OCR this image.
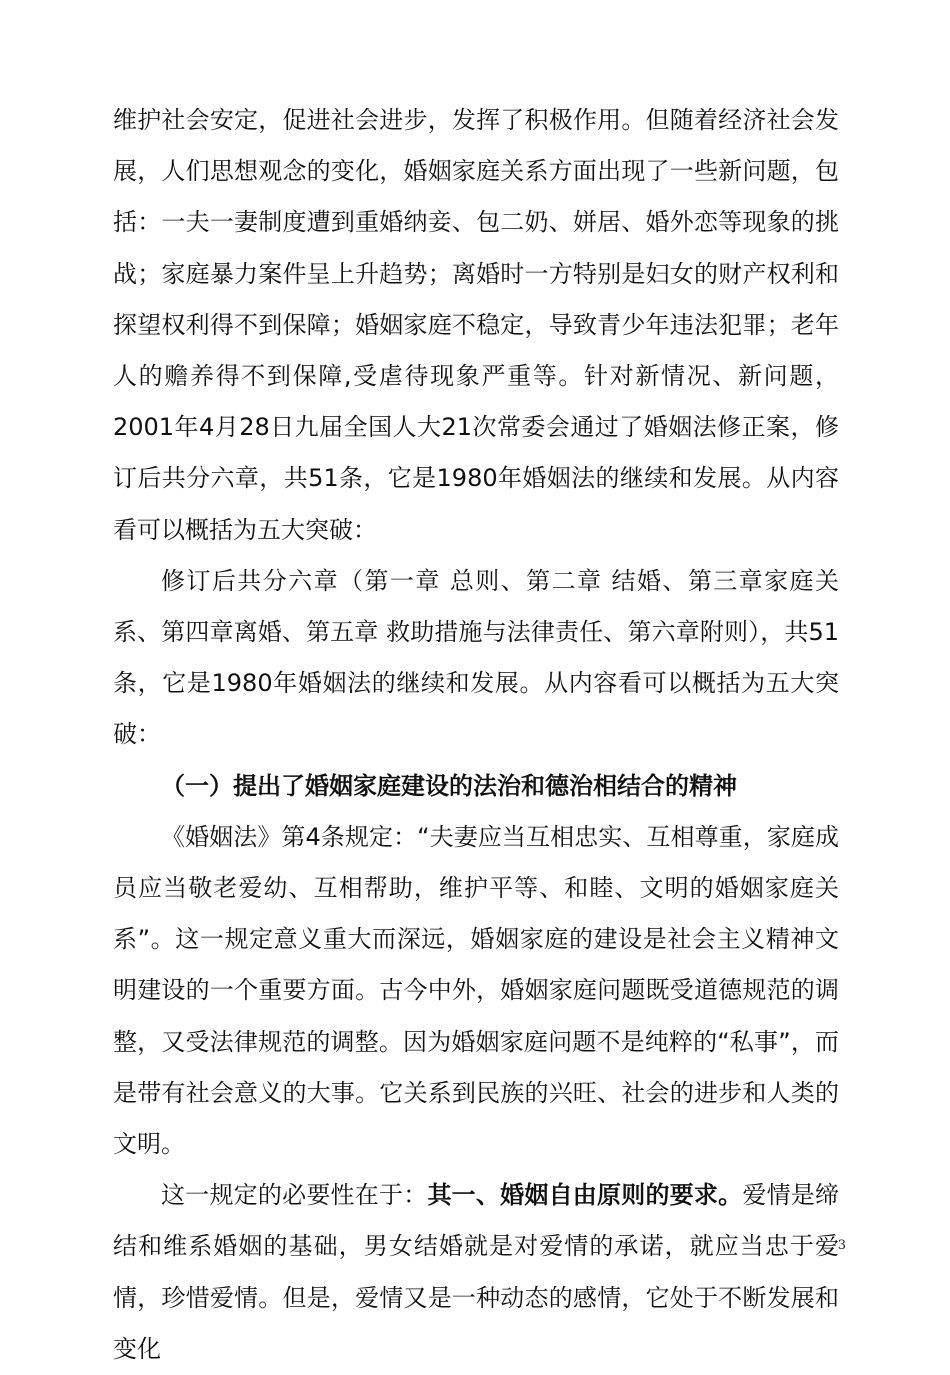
维护社会安定，促进社会进步，发挥了积极作用。但随着经济社会发展，人们思想观念的变化，婚姻家庭关系方面出现了一些新问题，包括：一夫一妻制度遭到重婚纳妾、包二奶、姘居、婚外恋等现象的挑战；家庭暴力案件呈上升趋势；离婚时一方特别是妇女的财产权利和探望权利得不到保障；婚姻家庭不稳定，导致青少年违法犯罪；老年人的赡养得不到保障,受虐待现象严重等。针对新情况、新问题，2001年4月28日九届全国人大21次常委会通过了婚姻法修正案，修订后共分六章，共51条，它是1980年婚姻法的继续和发展。从内容看可以概括为五大突破：

修订后共分六章（第一章 总则、第二章 结婚、第三章家庭关系、第四章离婚、第五章 救助措施与法律责任、第六章附则），共51条，它是1980年婚姻法的继续和发展。从内容看可以概括为五大突破：

（一）提出了婚姻家庭建设的法治和德治相结合的精神

《婚姻法》第4条规定：“夫妻应当互相忠实、互相尊重，家庭成员应当敬老爱幼、互相帮助，维护平等、和睦、文明的婚姻家庭关系”。这一规定意义重大而深远，婚姻家庭的建设是社会主义精神文明建设的一个重要方面。古今中外，婚姻家庭问题既受道德规范的调整，又受法律规范的调整。因为婚姻家庭问题不是纯粹的“私事”，而是带有社会意义的大事。它关系到民族的兴旺、社会的进步和人类的文明。

这一规定的必要性在于：其一、婚姻自由原则的要求。爱情是缔结和维系婚姻的基础，男女结婚就是对爱情的承诺，就应当忠于爱情，珍惜爱情。但是，爱情又是一种动态的感情，它处于不断发展和变化

3
